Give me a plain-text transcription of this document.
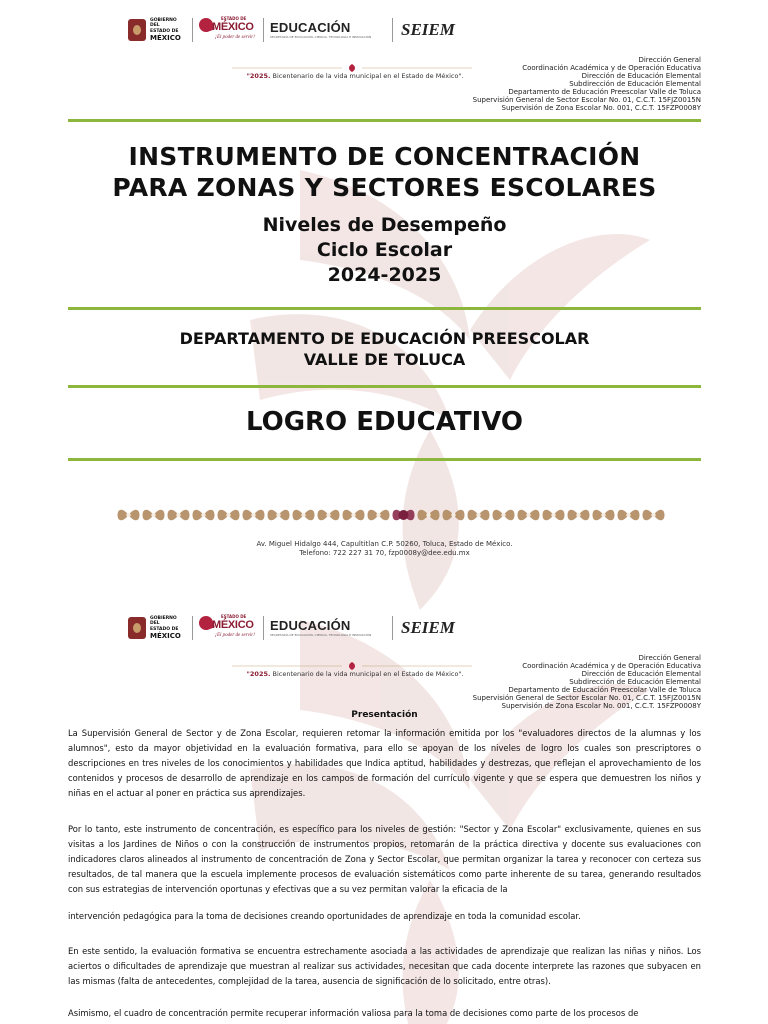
GOBIERNO DEL
ESTADO DE
MÉXICO
ESTADO DE
MÉXICO
¡El poder de servir!
EDUCACIÓN
SECRETARÍA DE EDUCACIÓN, CIENCIA, TECNOLOGÍA E INNOVACIÓN	SEIEM
"2025. Bicentenario de la vida municipal en el Estado de México".
Dirección General
Coordinación Académica y de Operación Educativa
Dirección de Educación Elemental
Subdirección de Educación Elemental
Departamento de Educación Preescolar Valle de Toluca
Supervisión General de Sector Escolar No. 01, C.C.T. 15FJZ0015N
Supervisión de Zona Escolar No. 001, C.C.T. 15FZP0008Y
INSTRUMENTO DE CONCENTRACIÓN
PARA ZONAS Y SECTORES ESCOLARES
Niveles de Desempeño
Ciclo Escolar
2024-2025
DEPARTAMENTO DE EDUCACIÓN PREESCOLAR
VALLE DE TOLUCA
LOGRO EDUCATIVO
Av. Miguel Hidalgo 444, Capultitlan C.P. 50260, Toluca, Estado de México.
Telefono: 722 227 31 70, fzp0008y@dee.edu.mx
GOBIERNO DEL
ESTADO DE
MÉXICO
ESTADO DE
MÉXICO
¡El poder de servir!
EDUCACIÓN
SECRETARÍA DE EDUCACIÓN, CIENCIA, TECNOLOGÍA E INNOVACIÓN	SEIEM
"2025. Bicentenario de la vida municipal en el Estado de México".
Dirección General
Coordinación Académica y de Operación Educativa
Dirección de Educación Elemental
Subdirección de Educación Elemental
Departamento de Educación Preescolar Valle de Toluca
Supervisión General de Sector Escolar No. 01, C.C.T. 15FJZ0015N
Supervisión de Zona Escolar No. 001, C.C.T. 15FZP0008Y
Presentación

La Supervisión General de Sector y de Zona Escolar, requieren retomar la información emitida por los "evaluadores directos de la alumnas y los alumnos", esto da mayor objetividad en la evaluación formativa, para ello se apoyan de los niveles de logro los cuales son prescriptores o descripciones en tres niveles de los conocimientos y habilidades que Indica aptitud, habilidades y destrezas, que reflejan el aprovechamiento de los contenidos y procesos de desarrollo de aprendizaje en los campos de formación del currículo vigente y que se espera que demuestren los niños y niñas en el actuar al poner en práctica sus aprendizajes.

Por lo tanto, este instrumento de concentración, es específico para los niveles de gestión: "Sector y Zona Escolar" exclusivamente, quienes en sus visitas a los Jardines de Niños o con la construcción de instrumentos propios, retomarán de la práctica directiva y docente sus evaluaciones con indicadores claros alineados al instrumento de concentración de Zona y Sector Escolar, que permitan organizar la tarea y reconocer con certeza sus resultados, de tal manera que la escuela implemente procesos de evaluación sistemáticos como parte inherente de su tarea, generando resultados con sus estrategias de intervención oportunas y efectivas que a su vez permitan valorar la eficacia de la

intervención pedagógica para la toma de decisiones creando oportunidades de aprendizaje en toda la comunidad escolar.

En este sentido, la evaluación formativa se encuentra estrechamente asociada a las actividades de aprendizaje que realizan las niñas y niños. Los aciertos o dificultades de aprendizaje que muestran al realizar sus actividades, necesitan que cada docente interprete las razones que subyacen en las mismas (falta de antecedentes, complejidad de la tarea, ausencia de significación de lo solicitado, entre otras).

Asimismo, el cuadro de concentración permite recuperar información valiosa para la toma de decisiones como parte de los procesos de
